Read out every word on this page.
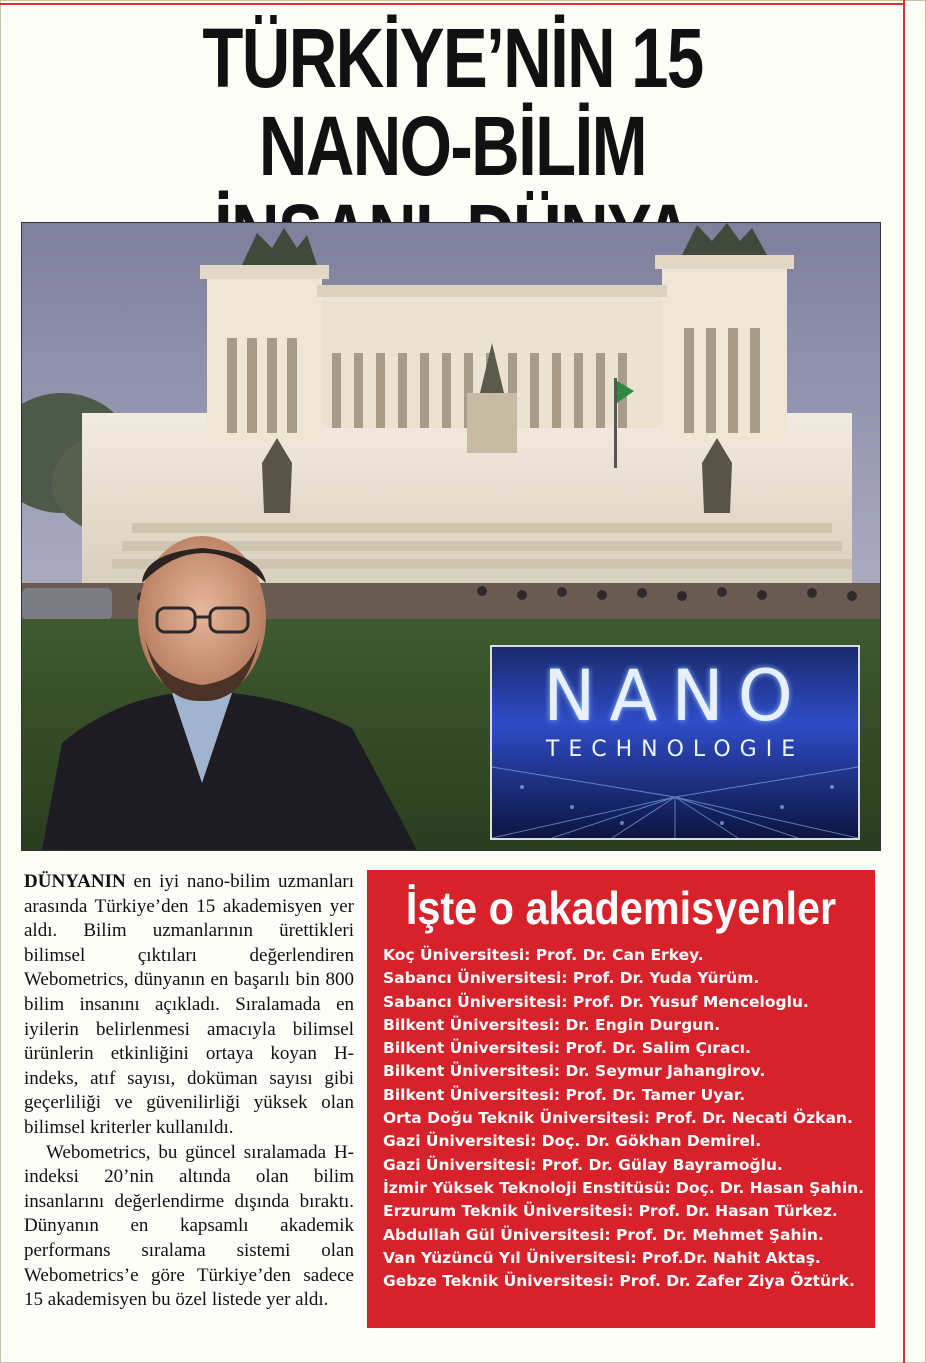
TÜRKİYE’NİN 15 NANO-BİLİM
NANO
TECHNOLOGIE

DÜNYANIN en iyi nano-bilim uzmanları arasında Türkiye’den 15 akademisyen yer aldı. Bilim uzmanlarının ürettikleri bilimsel çıktıları değerlendiren Webometrics, dünyanın en başarılı bin 800 bilim insanını açıkladı. Sıralamada en iyilerin belirlenmesi amacıyla bilimsel ürünlerin etkinliğini ortaya koyan H-indeks, atıf sayısı, doküman sayısı gibi geçerliliği ve güvenilirliği yüksek olan bilimsel kriterler kullanıldı.

Webometrics, bu güncel sıralamada H-indeksi 20’nin altında olan bilim insanlarını değerlendirme dışında bıraktı. Dünyanın en kapsamlı akademik performans sıralama sistemi olan Webometrics’e göre Türkiye’den sadece 15 akademisyen bu özel listede yer aldı.

İşte o akademisyenler
Koç Üniversitesi: Prof. Dr. Can Erkey.
Sabancı Üniversitesi: Prof. Dr. Yuda Yürüm.
Sabancı Üniversitesi: Prof. Dr. Yusuf Menceloglu.
Bilkent Üniversitesi: Dr. Engin Durgun.
Bilkent Üniversitesi: Prof. Dr. Salim Çıracı.
Bilkent Üniversitesi: Dr. Seymur Jahangirov.
Bilkent Üniversitesi: Prof. Dr. Tamer Uyar.
Orta Doğu Teknik Üniversitesi: Prof. Dr. Necati Özkan.
Gazi Üniversitesi: Doç. Dr. Gökhan Demirel.
Gazi Üniversitesi: Prof. Dr. Gülay Bayramoğlu.
İzmir Yüksek Teknoloji Enstitüsü: Doç. Dr. Hasan Şahin.
Erzurum Teknik Üniversitesi: Prof. Dr. Hasan Türkez.
Abdullah Gül Üniversitesi: Prof. Dr. Mehmet Şahin.
Van Yüzüncü Yıl Üniversitesi: Prof.Dr. Nahit Aktaş.
Gebze Teknik Üniversitesi: Prof. Dr. Zafer Ziya Öztürk.
